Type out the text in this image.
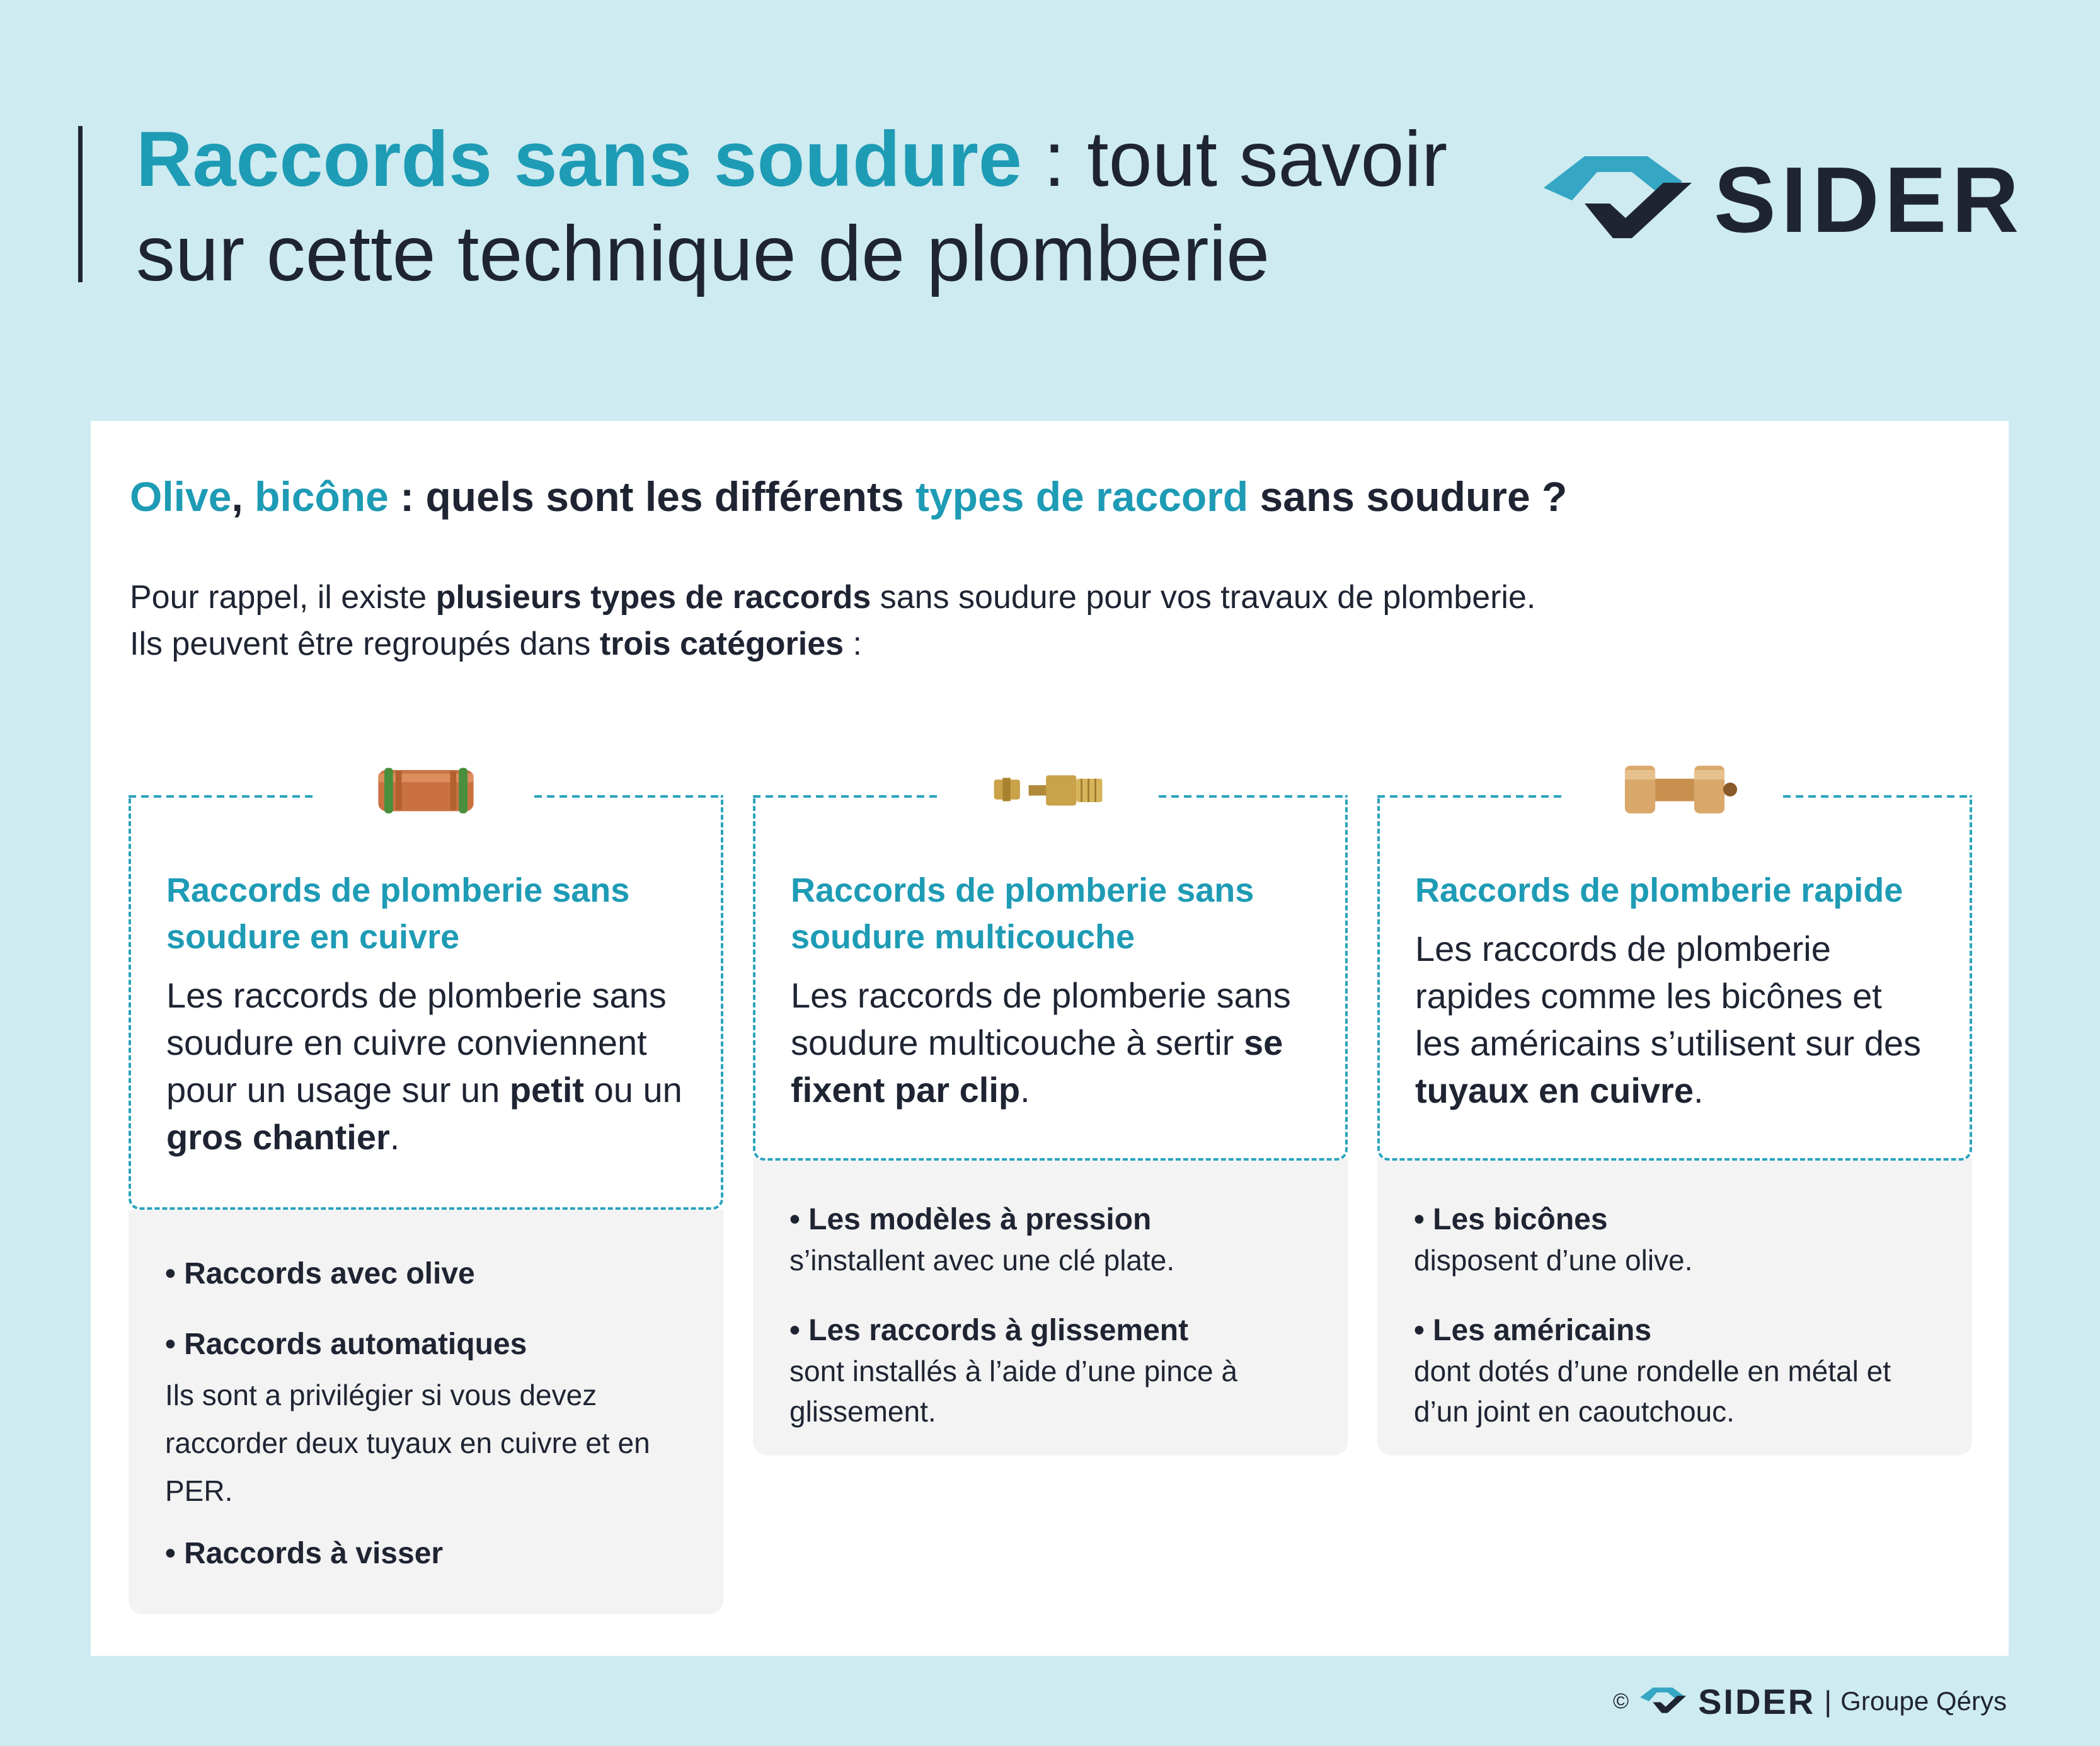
Raccords sans soudure : tout savoir sur cette technique de plomberie
SIDER
Olive, bicône : quels sont les différents types de raccord sans soudure ?
Pour rappel, il existe plusieurs types de raccords sans soudure pour vos travaux de plomberie.
Ils peuvent être regroupés dans trois catégories :
Raccords de plomberie sans soudure en cuivre
Les raccords de plomberie sans soudure en cuivre conviennent pour un usage sur un petit ou un gros chantier.
• Raccords avec olive
• Raccords automatiques
Ils sont a privilégier si vous devez raccorder deux tuyaux en cuivre et en PER.
• Raccords à visser
Raccords de plomberie sans soudure multicouche
Les raccords de plomberie sans soudure multicouche à sertir se fixent par clip.
• Les modèles à pression
s’installent avec une clé plate.
• Les raccords à glissement
sont installés à l’aide d’une pince à glissement.
Raccords de plomberie rapide
Les raccords de plomberie rapides comme les bicônes et les américains s’utilisent sur des tuyaux en cuivre.
• Les bicônes
disposent d’une olive.
• Les américains
dont dotés d’une rondelle en métal et d’un joint en caoutchouc.
© SIDER | Groupe Qérys
